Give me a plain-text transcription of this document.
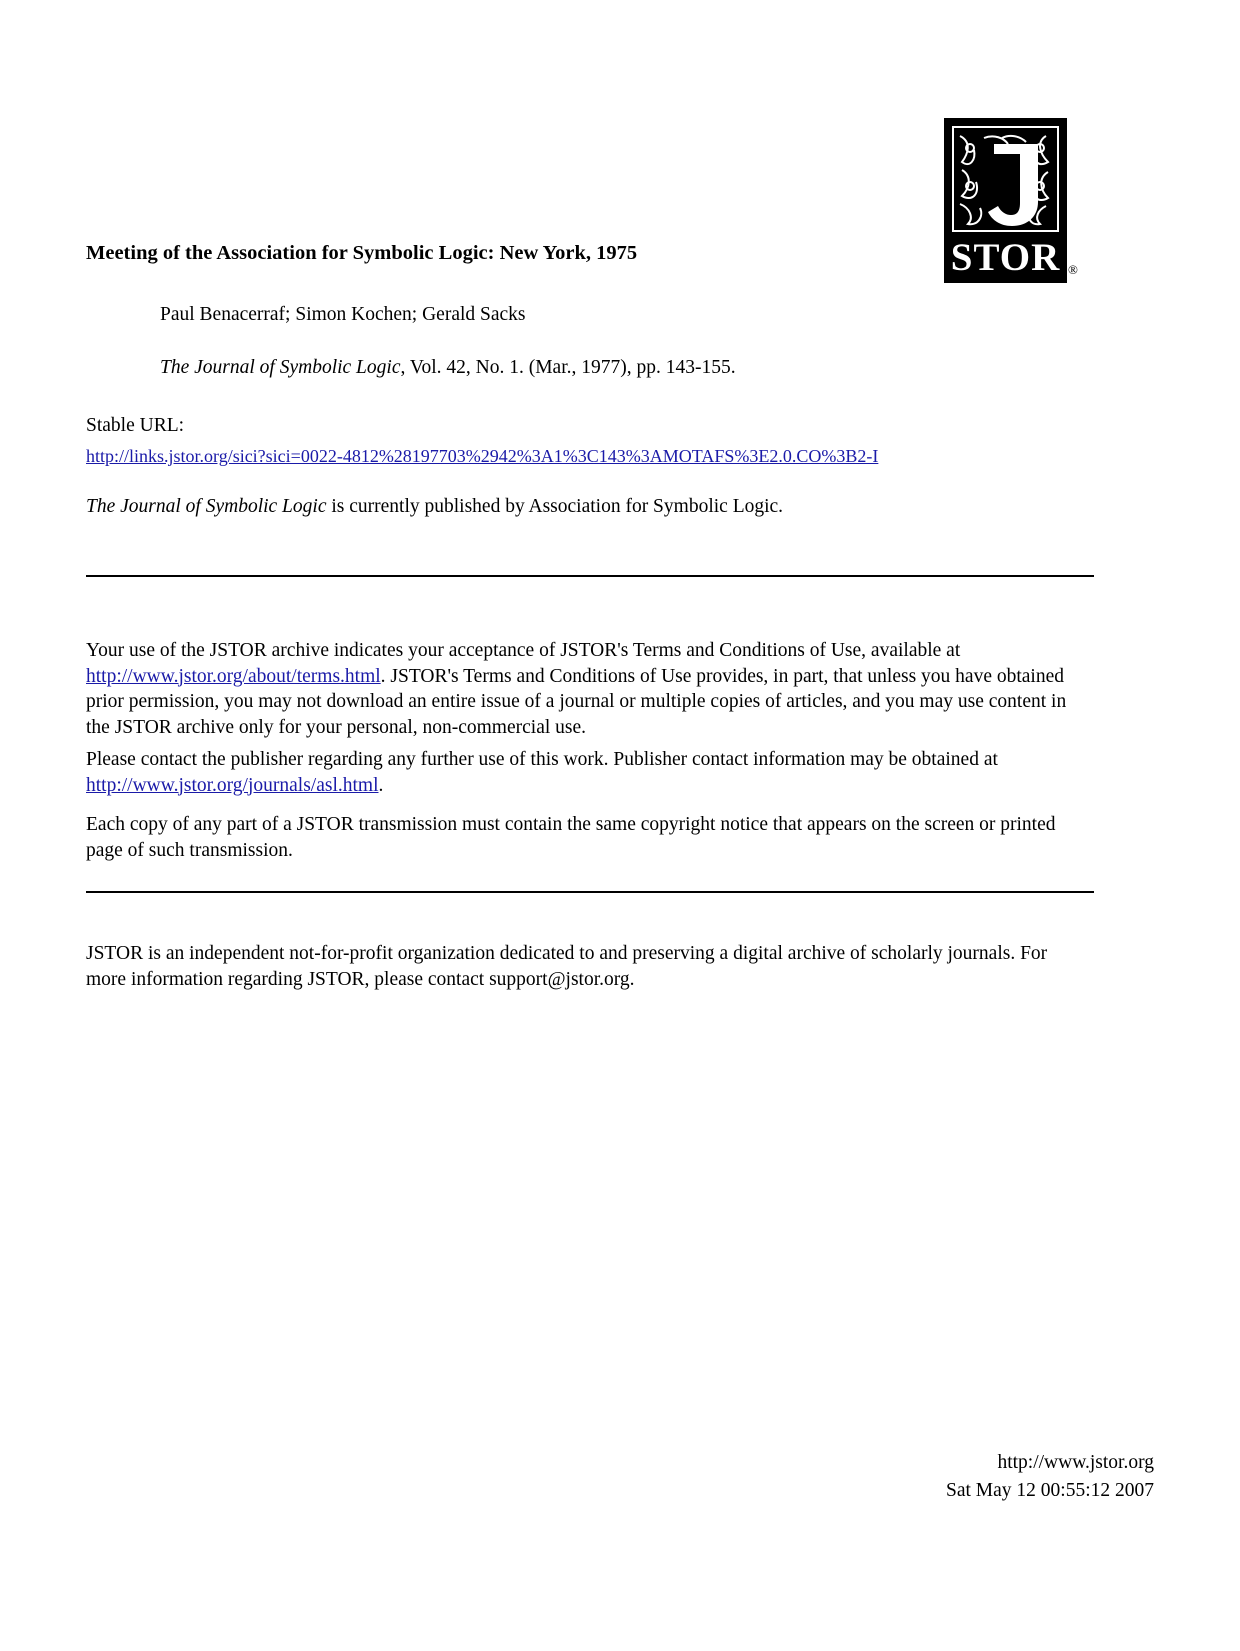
STOR ®
Meeting of the Association for Symbolic Logic: New York, 1975
Paul Benacerraf; Simon Kochen; Gerald Sacks
The Journal of Symbolic Logic, Vol. 42, No. 1. (Mar., 1977), pp. 143-155.
Stable URL:
http://links.jstor.org/sici?sici=0022-4812%28197703%2942%3A1%3C143%3AMOTAFS%3E2.0.CO%3B2-I
The Journal of Symbolic Logic is currently published by Association for Symbolic Logic.
Your use of the JSTOR archive indicates your acceptance of JSTOR's Terms and Conditions of Use, available at http://www.jstor.org/about/terms.html. JSTOR's Terms and Conditions of Use provides, in part, that unless you have obtained prior permission, you may not download an entire issue of a journal or multiple copies of articles, and you may use content in the JSTOR archive only for your personal, non-commercial use.
Please contact the publisher regarding any further use of this work. Publisher contact information may be obtained at http://www.jstor.org/journals/asl.html.
Each copy of any part of a JSTOR transmission must contain the same copyright notice that appears on the screen or printed page of such transmission.
JSTOR is an independent not-for-profit organization dedicated to and preserving a digital archive of scholarly journals. For more information regarding JSTOR, please contact support@jstor.org.
http://www.jstor.org
Sat May 12 00:55:12 2007
